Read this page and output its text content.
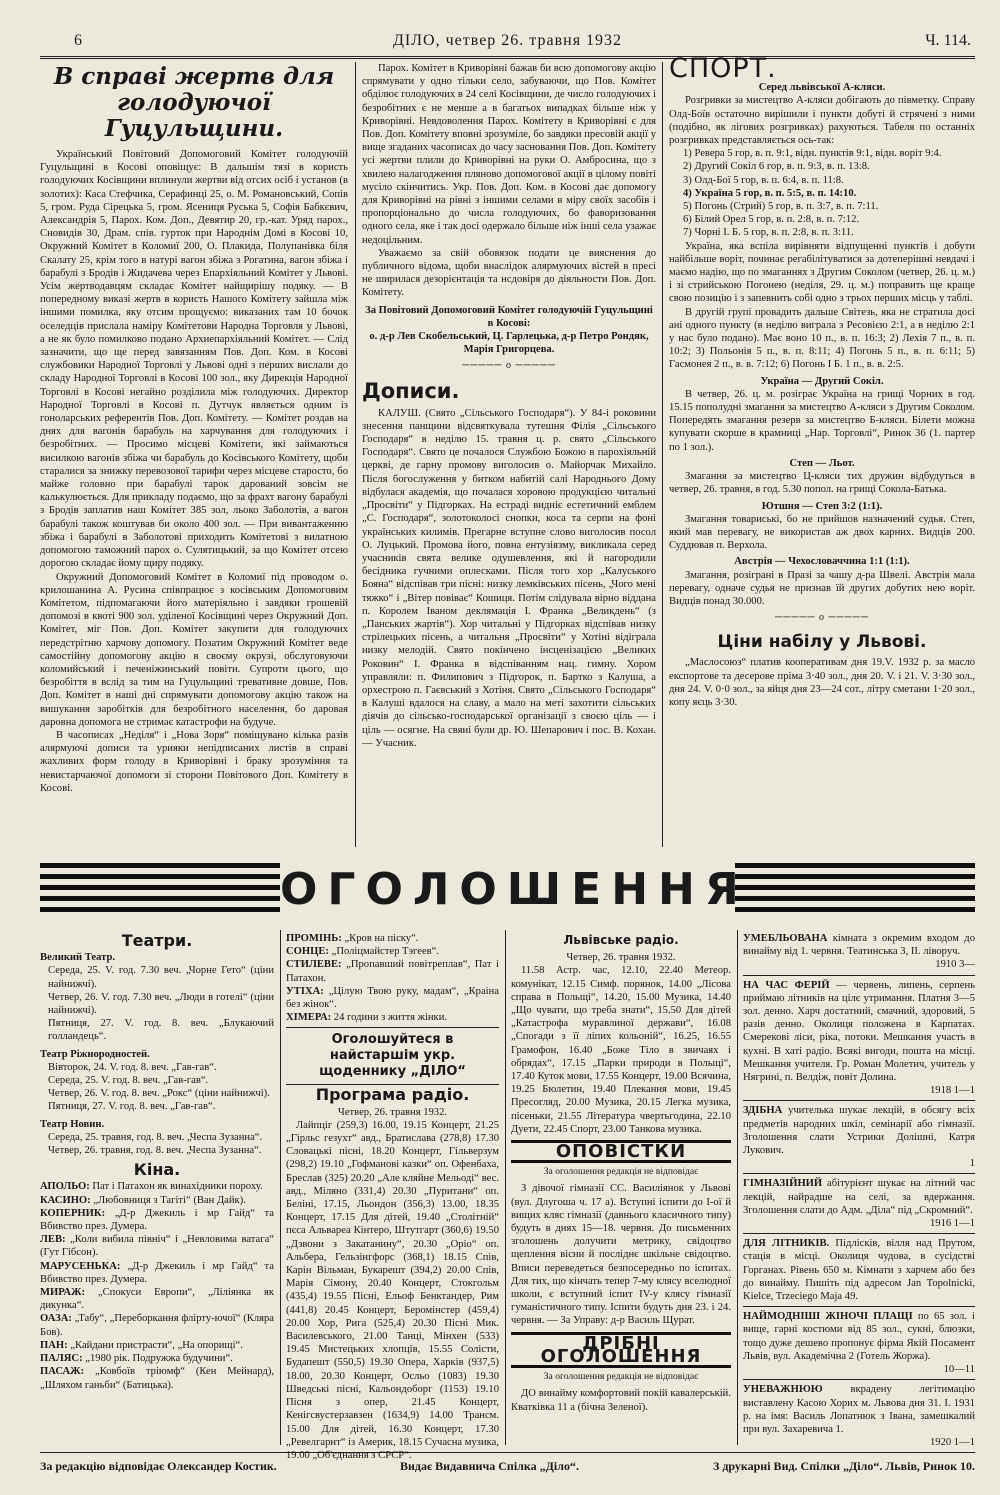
6	ДІЛО, четвер 26. травня 1932	Ч. 114.
В справі жертв для голодуючої Гуцульщини.

Український Повітовий Допомоговий Комітет голодуючій Гуцульщині в Косові оповіщує: В дальшім тязі в користь голодуючих Косівщини вплинули жертви від отсих осіб і установ (в золотих): Каса Стефчика, Серафинці 25, о. М. Романовський, Сопів 5, гром. Руда Сірецька 5, гром. Ясениця Руська 5, Софія Бабкєвич, Александрія 5, Парох. Ком. Доп., Девятир 20, гр.-кат. Уряд парох., Сновидів 30, Драм. спів. гурток при Народнім Домі в Косові 10, Окружний Комітет в Коломиї 200, О. Плакида, Полупанівка біля Скалату 25, крім того в натурі вагон збіжа з Рогатина, вагон збіжа і барабулі з Бродів і Жидачева через Епархіяльний Комітет у Львові. Усім жертводавцям складає Комітет найщирішу подяку. — В попередному виказі жертв в користь Нашого Комітету зайшла між іншими помилка, яку отсим прощуємо: виказаних там 10 бочок оселедців прислала наміру Комітетови Народна Торговля у Львові, а не як було помилково подано Архиепархіяльний Комітет. — Слід зазначити, що ще перед завязанням Пов. Доп. Ком. в Косові службовики Народної Торговлі у Львові одні з перших вислали до складу Народної Торговлі в Косові 100 зол., яку Дирекція Народної Торговлі в Косові негайно розділила між голодуючих. Директор Народної Торговлі в Косові п. Дутчук являється одним із гоноларських референтів Пов. Доп. Комітету. — Комітет роздав на днях для вагонів барабуль на харчування для голодуючих і безробітних. — Просимо місцеві Комітети, які займаються висилкою вагонів збіжа чи барабуль до Косівського Комітету, щоби старалися за знижку перевозової тарифи через місцеве старосто, бо майже головно при барабулі тарок дарований зовсім не калькулюється. Для прикладу подаємо, що за фрахт вагону барабулі з Бродів заплатив наш Комітет 385 зол, льоко Заболотів, а вагон барабулі також коштував би около 400 зол. — При вивантаженню збіжа і барабулі в Заболотові приходить Комітетові з вилатною допомогою таможний парох о. Сулятицький, за що Комітет отсею дорогою складає йому щиру подяку.

Окружний Допомоговий Комітет в Коломиї під проводом о. крилошанина А. Русина співпрацює з косівським Допомоговим Комітетом, підпомагаючи його матеріяльно і завдяки грошевій допомозі в квоті 900 зол. уділеної Косівщині через Окружний Доп. Комітет, міг Пов. Доп. Комітет закупити для голодуючих передстрітню харчову допомогу. Позатим Окружний Комітет веде самостійну допомогову акцію в своєму окрузі, обслуговуючи коломийський і печеніжинський повіти. Супроти цього, що безробіття в вслід за тим на Гуцульщині тревативне довше, Пов. Доп. Комітет в наші дні спрямувати допомогову акцію також на вишукання заробітків для безробітного населення, бо даровая даровна допомога не стримає катастрофи на будуче.

В часописах „Неділя“ і „Нова Зоря“ поміщувано кілька разів алярмуючі дописи та урияки непідписаних листів в справі жахливих форм голоду в Криворівні і браку зрозуміння та невистарчаючої допомоги зі сторони Повітового Доп. Комітету в Косові.

Парох. Комітет в Криворівні бажав би всю допомогову акцію спрямувати у одно тільки село, забуваючи, що Пов. Комітет обділює голодуючих в 24 селі Косівщини, де число голодуючих і безробітних є не менше а в багатьох випадках більше ніж у Криворівні. Невдоволення Парох. Комітету в Криворівні є для Пов. Доп. Комітету вповні зрозуміле, бо завдяки пресовій акції у вище згаданих часописах до часу засновання Пов. Доп. Комітету усі жертви плили до Криворівні на руки О. Амбросина, що з хвилею налагодження пляново допомогової акції в цілому повіті мусіло скінчитись. Укр. Пов. Доп. Ком. в Косові дає допомогу для Криворівні на рівні з іншими селами в міру своїх засобів і пропорціонально до числа голодуючих, бо фаворизовання одного села, яке і так досі одержало більше ніж інші села узажає недоцільним.

Уважаємо за свій обовязок подати це вияснення до публичного відома, щоби внаслідок алярмуючих вістей в пресі не ширилася дезорієнтація та нсдовіря до діяльности Пов. Доп. Комітету.

За Повітовий Допомоговий Комітет голодуючій Гуцульщині в Косові:

о. д-р Лев Скобельський, Ц. Гарлецька, д-р Петро Рондяк, Марія Григорцева.

───── о ─────
Дописи.

КАЛУШ. (Свято „Сільського Господаря“). У 84-і роковини знесення панщини відсвяткувала тутешня Філія „Сільського Господаря“ в неділю 15. травня ц. р. свято „Сільського Господаря“. Свято це почалося Службою Божою в парохіяльній церкві, де гарну промову виголосив о. Майорчак Михайло. Після богослуження у битком набитій салі Народнього Дому відбулася академія, що почалася хоровою продукцією читальні „Просвіти“ у Підгорках. На естраді видніє естетичний емблем „С. Господаря“, золотоколосі снопки, коса та серпи на фоні українських килимів. Прегарне вступне слово виголосив посол О. Луцький. Промова його, повна ентузіязму, викликала серед учасників свята велике одушевлення, які й нагородили бесідника гучними оплесками. Після того хор „Калуського Бояна“ відспівав три пісні: низку лемківських пісень, „Чого мені тяжко“ і „Вітер повіває“ Кошиця. Потім слідувала вірно віддана п. Королем Іваном деклямація І. Франка „Великдень“ (з „Панських жартів“). Хор читальні у Підгорках відспівав низку стрілецьких пісень, а читальня „Просвіти“ у Хотіні відіграла низку мелодій. Свято покінчено інсценізацією „Великих Роковин“ І. Франка в відспіванням нац. гимну. Хором управляли: п. Филипович з Підгорок, п. Бартко з Калуша, а орхестрою п. Гаєвський з Хотіня. Свято „Сільського Господаря“ в Калуші вдалося на славу, а мало на меті захотити сільських діячів до сільсько-господарської організації з своєю ціль — і ціль — осягне. На свяиі були др. Ю. Шепарович і пос. В. Кохан. — Учасник.

СПОРТ.

Серед львівської А-кляси.

Розгривки за мистецтво А-кляси добігають до півметку. Справу Олд-Боїв остаточно вирішили і пункти добуті й стрячені з ними (подібно, як лігових розгривках) рахуються. Табеля по останніх розгривках представляється ось-так:

1) Ревера 5 гор, в. п. 9:1, відн. пунктів 9:1, відн. воріт 9:4.

2) Другий Сокіл 6 гор, в. п. 9:3, в. п. 13:8.

3) Олд-Бої 5 гор, в. п. 6:4, в. п. 11:8.

4) Україна 5 гор, в. п. 5:5, в. п. 14:10.

5) Погонь (Стрий) 5 гор, в. п. 3:7, в. п. 7:11.

6) Білий Орел 5 гор, в. п. 2:8, в. п. 7:12.

7) Чорні І. Б. 5 гор, в. п. 2:8, в. п. 3:11.

Україна, яка вспіла вирівняти відпущенні пунктів і добути найбільше воріт, починає регабілітуватися за дотеперішні невдачі і маємо надію, що по змаганнях з Другим Соколом (четвер, 26. ц. м.) і зі стрийською Погонею (неділя, 29. ц. м.) поправить ще краще свою позицію і з запевнить собі одно з трьох перших місць у таблі.

В другій групі провадить дальше Світезь, яка не стратила досі ані одного пункту (в неділю виграла з Ресовією 2:1, а в неділю 2:1 у нас було подано). Має воно 10 п., в. п. 16:3; 2) Лехія 7 п., в. п. 10:2; 3) Польонія 5 п., в. п. 8:11; 4) Погонь 5 п., в. п. 6:11; 5) Гасмонея 2 п., в. в. 7:12; 6) Погонь І Б. 1 п., в. в. 2:5.

Україна — Другий Сокіл.

В четвер, 26. ц. м. розіграє Україна на грищі Чорних в год. 15.15 пополудні змагання за мистецтво А-кляси з Другим Соколом. Попередять змагання резерв за мистецтво Б-кляси. Білети можна купувати скорше в крамниці „Нар. Торговлі“, Ринок 36 (1. партер по 1 зол.).

Степ — Льот.

Змагання за мистецтво Ц-кляси тих дружин відбудуться в четвер, 26. травня, в год. 5.30 попол. на грищі Сокола-Батька.

Ютшня — Степ 3:2 (1:1).

Змагання товариські, бо не прийшов назначений судья. Степ, який мав перевагу, не використав аж двох карних. Видців 200. Суддював п. Верхола.

Австрія — Чехословаччина 1:1 (1:1).

Змагання, розіграні в Празі за чашу д-ра Швелі. Австрія мала перевагу, одначе судья не признав їй других добутих нею воріт. Видців понад 30.000.

───── о ─────
Ціни набілу у Львові.

„Маслосоюз“ платив кооперативам дня 19.V. 1932 р. за масло експортове та десерове пріма 3·40 зол., дня 20. V. і 21. V. 3·30 зол., дня 24. V. 0·0 зол., за яйця дня 23—24 сот., літру сметани 1·20 зол., копу яєць 3·30.

ОГОЛОШЕННЯ
Театри.

Великий Театр.

Середа, 25. V. год. 7.30 веч. „Чорне Гето“ (ціни найнижчі).

Четвер, 26. V. год. 7.30 веч. „Люди в готелі“ (ціни найнижчі).

Пятниця, 27. V. год. 8. веч. „Блукаючий голландець“.

Театр Ріжнородностей.

Вівторок, 24. V. год. 8. веч. „Гав-гав“.

Середа, 25. V. год. 8. веч. „Гав-гав“.

Четвер, 26. V. год. 8. веч. „Рокс“ (ціни найнижчі).

Пятниця, 27. V. год. 8. веч. „Гав-гав“.

Театр Новин.

Середа, 25. травня, год. 8. веч. „Чеспа Зузанна“.

Четвер, 26. травня, год. 8. веч. „Чеспа Зузанна“.

Кіна.

АПОЛЬО: Пат і Патахон як винахідники пороху.

КАСИНО: „Любовниця з Тагіті“ (Ван Дайк).

КОПЕРНИК: „Д-р Джекиль і мр Гайд“ та Вбивство през. Думера.

ЛЕВ: „Коли вибила північ“ і „Невловима ватага“ (Гут Гібсон).

МАРУСЕНЬКА: „Д-р Джекиль і мр Гайд“ та Вбивство през. Думера.

МИРАЖ: „Спокуси Европи“, „Ліліянка як дикунка“.

ОАЗА: „Табу“, „Переборкання флірту-ючої“ (Кляра Бов).

ПАН: „Кайдани пристрасти“, „На опорищі“.

ПАЛЯС: „1980 рік. Подружжа будучини“.

ПАСАЖ: „Ковбоїв тріюмф“ (Кен Мейнард), „Шляхом ганьби“ (Батицька).

ПРОМІНЬ: „Кров на піску“.

СОНЦЕ: „Поліцмайстер Тэгеев“.

СТИЛЕВЕ: „Пропавший повітреплав“, Пат і Патахон.

УТІХА: „Цілую Твою руку, мадам“, „Краіна без жінок“.

ХІМЕРА: 24 години з життя жінки.

Оголошуйтеся в найстаршім укр. щоденнику „ДІЛО“
Програма радіо.

Четвер, 26. травня 1932.

Лайпціг (259,3) 16.00, 19.15 Концерт, 21.25 „Гірльс гезухт“ авд., Братислава (278,8) 17.30 Словацькі пісні, 18.20 Концерт, Гільверзум (298,2) 19.10 „Гофманові казки“ оп. Офенбаха, Бреслав (325) 20.20 „Але кляйне Мельоді“ вес. авд., Міляно (331,4) 20.30 „Пуритани“ оп. Беліні, 17.15, Льондон (356,3) 13.00, 18.35 Концерт, 17.15 Для дітей, 19.40 „Столітній“ пєса Альвареа Кінтеро, Штутгарт (360,6) 19.50 „Дзвони з Закатанину“, 20.30 „Оріо“ оп. Альбера, Гельзінгфорс (368,1) 18.15 Спів, Карін Вільман, Букарешт (394,2) 20.00 Спів, Марія Сімону, 20.40 Концерт, Стокгольм (435,4) 19.55 Пісні, Ельоф Бенктандер, Рим (441,8) 20.45 Концерт, Беромінстер (459,4) 20.00 Хор, Рига (525,4) 20.30 Пісні Мик. Василевського, 21.00 Танці, Мінхен (533) 19.45 Мистецьких хлопців, 15.55 Солісти, Будапешт (550,5) 19.30 Опера, Харків (937,5) 18.00, 20.30 Концерт, Осльо (1083) 19.30 Шведські пісні, Кальондоборг (1153) 19.10 Пісня з опер, 21.45 Концерт, Кенігсвустерзавзен (1634,9) 14.00 Трансм. 15.00 Для дітей, 16.30 Концерт, 17.30 „Ревелгарнт“ із Америк, 18.15 Сучасна музика, 19.00 „Об'єднання з СРСР“.

Львівське радіо.

Четвер, 26. травня 1932.

11.58 Астр. час, 12.10, 22.40 Метеор. комунікат, 12.15 Симф. порянок, 14.00 „Лісова справа в Польщі“, 14.20, 15.00 Музика, 14.40 „Що чувати, що треба знати“, 15.50 Для дітей „Катастрофа муравлиної держави“, 16.08 „Спогади з її ліпих кольоній“, 16.25, 16.55 Грамофон, 16.40 „Боже Тіло в звичаях і обрядах“, 17.15 „Парки природи в Польщі“, 17.40 Куток мови, 17.55 Концерт, 19.00 Всячина, 19.25 Бюлетин, 19.40 Плекання мови, 19.45 Пресогляд, 20.00 Музика, 20.15 Легка музика, пісеньки, 21.55 Література чвертьгодина, 22.10 Дуети, 22.45 Спорт, 23.00 Танкова музика.

ОПОВІСТКИ
За оголошення редакція не відповідає

З дівочої гімназії СС. Василіянок у Львові (вул. Длугоша ч. 17 а). Вступні іспити до І-ої й вищих кляс гімназії (давнього класичного типу) будуть в днях 15—18. червня. До письменних зголошень долучити метрику, свідоцтво щеплення вісни й посліднє шкільне свідоцтво. Вписи переведеться безпосередньо по іспитах. Для тих, що кінчать тепер 7-му клясу вселюдної школи, є вступний іспит IV-у клясу гімназії гуманістичного типу. Іспити будуть дня 23. і 24. червня. — За Управу: д-р Василь Щурат.

ДРІБНІ ОГОЛОШЕННЯ
За оголошення редакція не відповідає

ДО винайму комфортовий покій кавалерській. Кватківка 11 а (бічна Зеленої).

УМЕБЛЬОВАНА кімната з окремим входом до винайму від 1. червня. Театинська 3, ІІ. ліворуч.

1910 3—

НА ЧАС ФЕРІЙ — червень, липень, серпень приймаю літників на цілє утримання. Платня 3—5 зол. денно. Харч достатний, смачний, здоровий, 5 разів денно. Околиця положена в Карпатах. Смерекові ліси, ріка, потоки. Мешкання участь в кухні. В хаті радіо. Всякі вигоди, пошта на місці. Мешкання учителя. Гр. Роман Молетич, учитель у Нягрині, п. Велдіж, повіт Долина.

1918 1—1

ЗДІБНА учителька шукає лекцій, в обсягу всіх предметів народних шкіл, семінарії або гімназії. Зголошення слати Устрики Долішні, Катря Лукович.

1

ГІМНАЗІЙНИЙ абітурієнт шукає на літний час лекцій, найрадше на селі, за вдержання. Зголошення слати до Адм. „Діла“ під „Скромний“.

1916 1—1

ДЛЯ ЛІТНИКІВ. Підлісків, вілля над Прутом, стація в місці. Околиця чудова, в сусідстві Горганах. Рівень 650 м. Кімнати з харчем або без до винайму. Пишіть під адресом Jan Topolnicki, Kielce, Trzeciego Maja 49.

НАЙМОДНІШІ ЖІНОЧІ ПЛАЩІ по 65 зол. і вище, гарні костюми від 85 зол., сукні, блюзки, тощо дуже дешево пропонує фірма Якій Посамент Львів, вул. Академічна 2 (Готель Жоржа).

10—11

УНЕВАЖНЮЮ	вкрадену легітимацію виставлену Касою Хорих м. Львова дня 31. І. 1931 р. на імя: Василь Лопатнюк з Івана, замешкалий при вул. Захаревича 1.

1920 1—1

За редакцію відповідає Олександер Костик.	Видає Видавнича Спілка „Діло“.	З друкарні Вид. Спілки „Діло“. Львів, Ринок 10.
